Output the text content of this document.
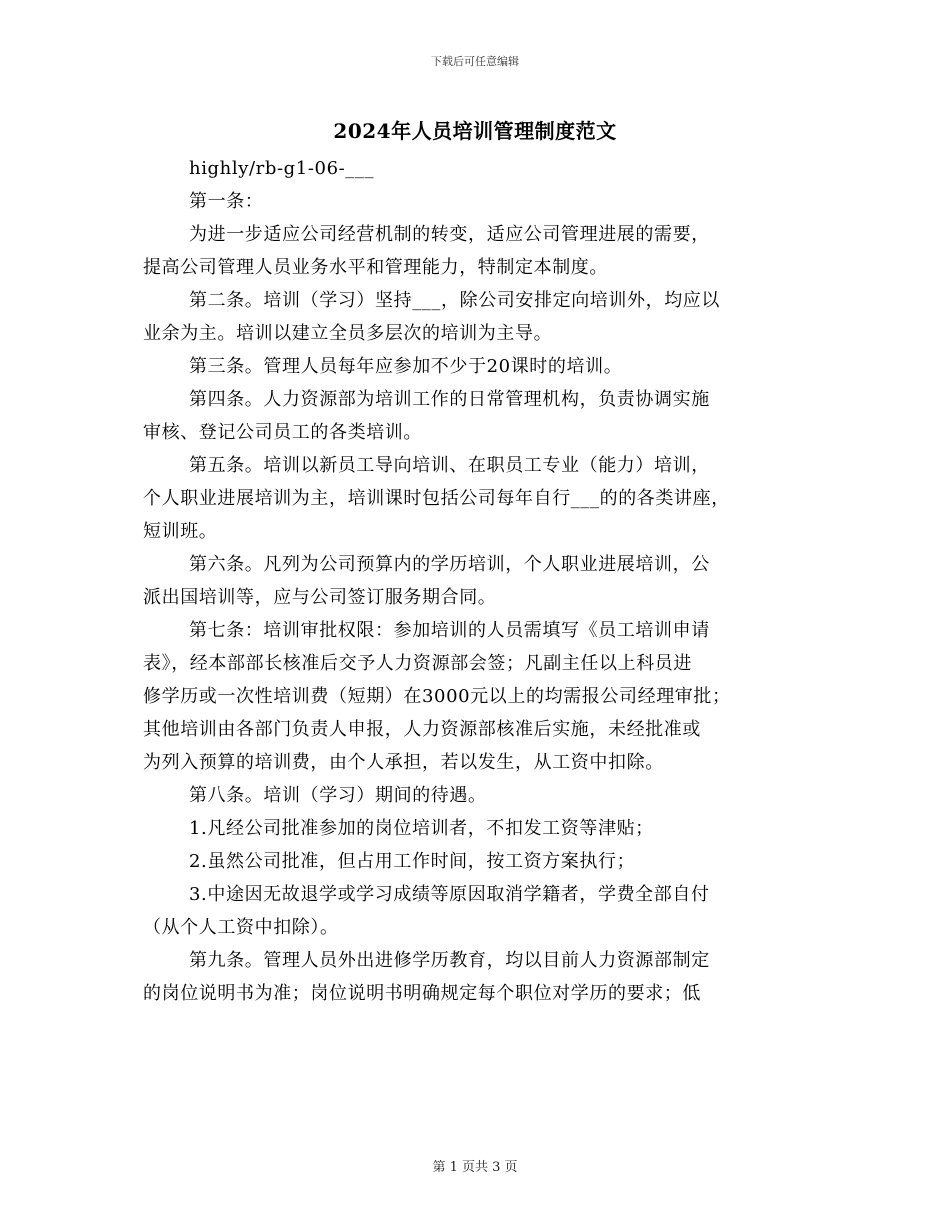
下载后可任意编辑
2024年人员培训管理制度范文
highly/rb-g1-06-___
第一条：
为进一步适应公司经营机制的转变，适应公司管理进展的需要，
提高公司管理人员业务水平和管理能力，特制定本制度。
第二条。培训（学习）坚持___，除公司安排定向培训外，均应以
业余为主。培训以建立全员多层次的培训为主导。
第三条。管理人员每年应参加不少于20课时的培训。
第四条。人力资源部为培训工作的日常管理机构，负责协调实施
审核、登记公司员工的各类培训。
第五条。培训以新员工导向培训、在职员工专业（能力）培训，
个人职业进展培训为主，培训课时包括公司每年自行___的的各类讲座，
短训班。
第六条。凡列为公司预算内的学历培训，个人职业进展培训，公
派出国培训等，应与公司签订服务期合同。
第七条：培训审批权限：参加培训的人员需填写《员工培训申请
表》，经本部部长核准后交予人力资源部会签；凡副主任以上科员进
修学历或一次性培训费（短期）在3000元以上的均需报公司经理审批；
其他培训由各部门负责人申报，人力资源部核准后实施，未经批准或
为列入预算的培训费，由个人承担，若以发生，从工资中扣除。
第八条。培训（学习）期间的待遇。
1.凡经公司批准参加的岗位培训者，不扣发工资等津贴；
2.虽然公司批准，但占用工作时间，按工资方案执行；
3.中途因无故退学或学习成绩等原因取消学籍者，学费全部自付
（从个人工资中扣除）。
第九条。管理人员外出进修学历教育，均以目前人力资源部制定
的岗位说明书为准；岗位说明书明确规定每个职位对学历的要求；低
第 1 页共 3 页
